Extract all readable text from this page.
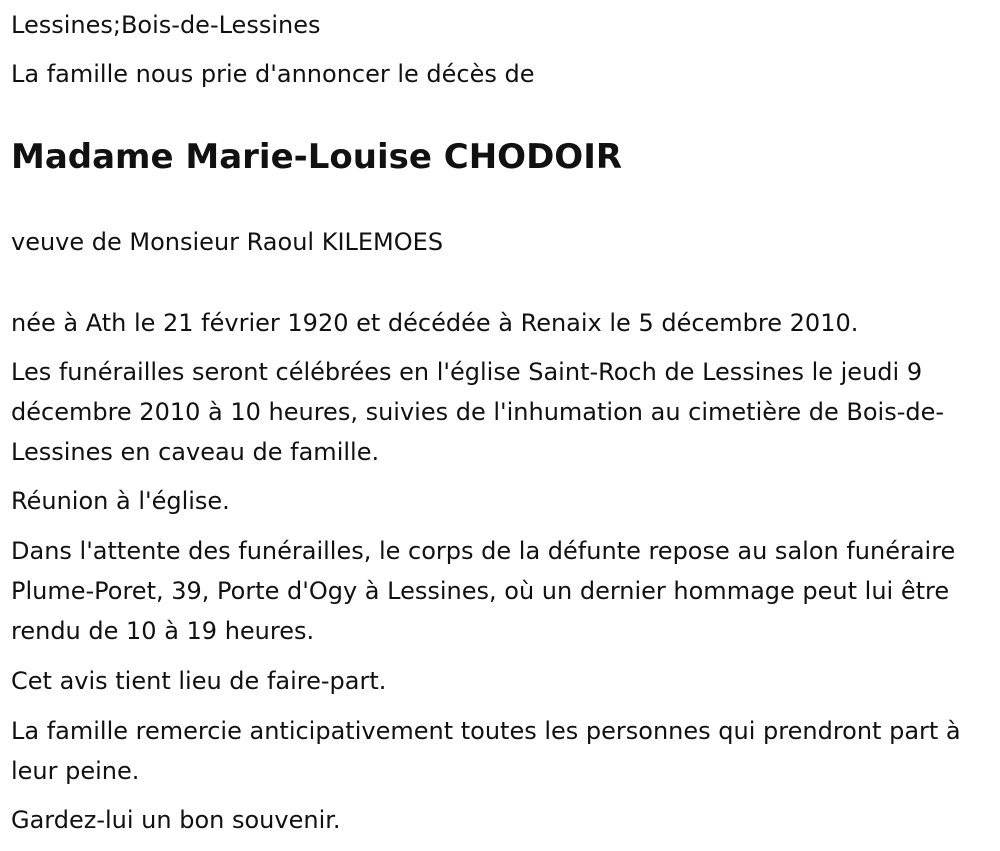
Lessines;Bois-de-Lessines

La famille nous prie d'annoncer le décès de

Madame Marie-Louise CHODOIR

veuve de Monsieur Raoul KILEMOES

née à Ath le 21 février 1920 et décédée à Renaix le 5 décembre 2010.

Les funérailles seront célébrées en l'église Saint-Roch de Lessines le jeudi 9 décembre 2010 à 10 heures, suivies de l'inhumation au cimetière de Bois-de-Lessines en caveau de famille.

Réunion à l'église.

Dans l'attente des funérailles, le corps de la défunte repose au salon funéraire Plume-Poret, 39, Porte d'Ogy à Lessines, où un dernier hommage peut lui être rendu de 10 à 19 heures.

Cet avis tient lieu de faire-part.

La famille remercie anticipativement toutes les personnes qui prendront part à leur peine.

Gardez-lui un bon souvenir.
